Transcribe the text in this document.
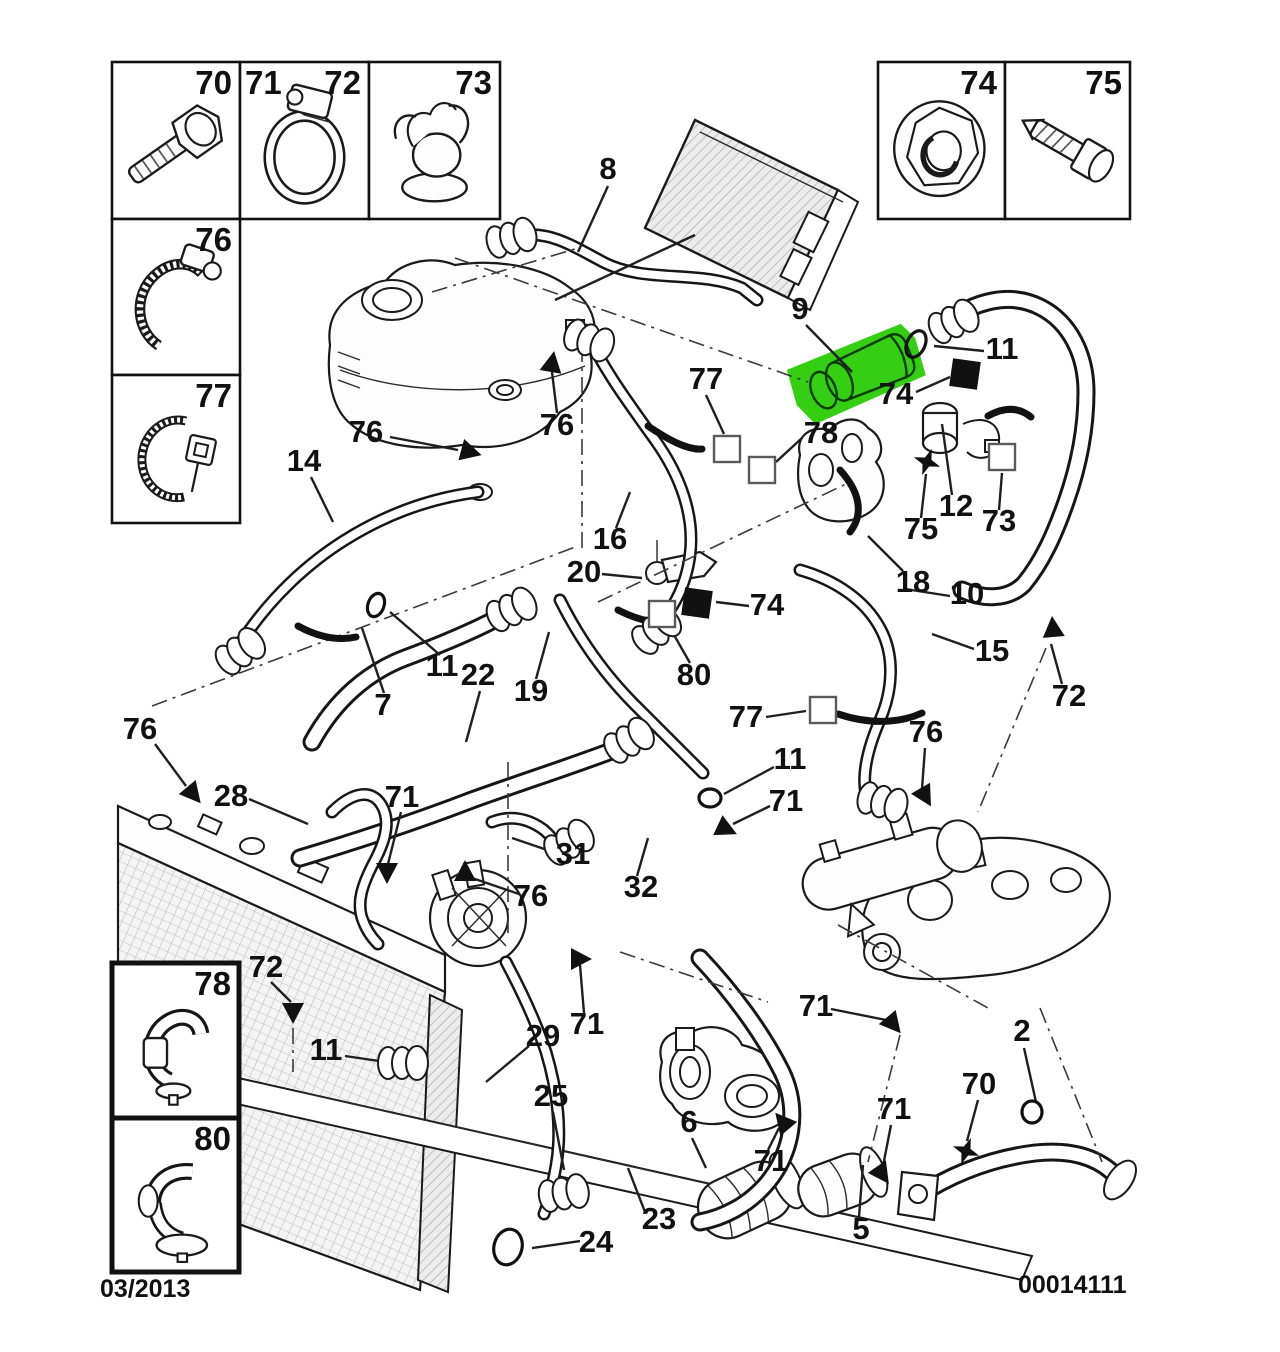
8
9
11
74
77
78
76	76
14
12 73
75
16
20	18 10
74
15
11 22	80
19	72
7	77
76	76
11
71
28	71
31
32
76
72
71
2
71
29
11
70
25	71
6
71
23	5
24
70	72
71	73
76
77
74	75
78
80
03/2013	00014111
